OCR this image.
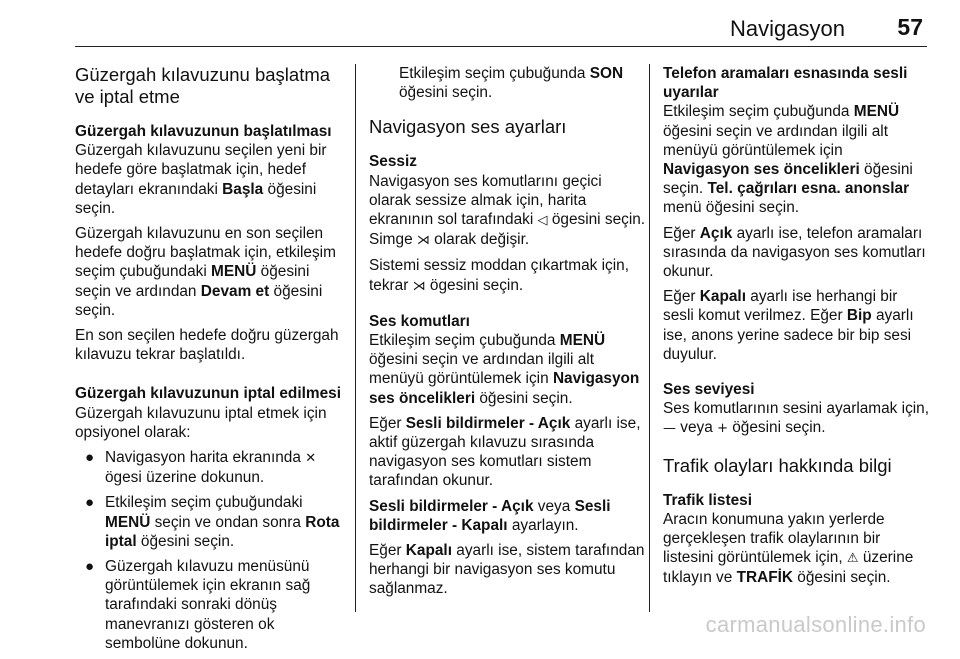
Navigasyon 57
Güzergah kılavuzunu başlatma ve iptal etme
Güzergah kılavuzunun başlatılması

Güzergah kılavuzunu seçilen yeni bir hedefe göre başlatmak için, hedef detayları ekranındaki Başla öğesini seçin.

Güzergah kılavuzunu en son seçilen hedefe doğru başlatmak için, etkileşim seçim çubuğundaki MENÜ öğesini seçin ve ardından Devam et öğesini seçin.

En son seçilen hedefe doğru güzergah kılavuzu tekrar başlatıldı.

Güzergah kılavuzunun iptal edilmesi

Güzergah kılavuzunu iptal etmek için opsiyonel olarak:

● Navigasyon harita ekranında ✕ ögesi üzerine dokunun.
● Etkileşim seçim çubuğundaki MENÜ seçin ve ondan sonra Rota iptal öğesini seçin.
● Güzergah kılavuzu menüsünü görüntülemek için ekranın sağ tarafındaki sonraki dönüş manevranızı gösteren ok sembolüne dokunun.

Etkileşim seçim çubuğunda SON öğesini seçin.

Navigasyon ses ayarları
Sessiz

Navigasyon ses komutlarını geçici olarak sessize almak için, harita ekranının sol tarafındaki ◁ ögesini seçin. Simge ⋊ olarak değişir.

Sistemi sessiz moddan çıkartmak için, tekrar ⋊ ögesini seçin.

Ses komutları

Etkileşim seçim çubuğunda MENÜ öğesini seçin ve ardından ilgili alt menüyü görüntülemek için Navigasyon ses öncelikleri öğesini seçin.

Eğer Sesli bildirmeler - Açık ayarlı ise, aktif güzergah kılavuzu sırasında navigasyon ses komutları sistem tarafından okunur.

Sesli bildirmeler - Açık veya Sesli bildirmeler - Kapalı ayarlayın.

Eğer Kapalı ayarlı ise, sistem tarafından herhangi bir navigasyon ses komutu sağlanmaz.

Telefon aramaları esnasında sesli uyarılar

Etkileşim seçim çubuğunda MENÜ öğesini seçin ve ardından ilgili alt menüyü görüntülemek için Navigasyon ses öncelikleri öğesini seçin. Tel. çağrıları esna. anonslar menü öğesini seçin.

Eğer Açık ayarlı ise, telefon aramaları sırasında da navigasyon ses komutları okunur.

Eğer Kapalı ayarlı ise herhangi bir sesli komut verilmez. Eğer Bip ayarlı ise, anons yerine sadece bir bip sesi duyulur.

Ses seviyesi

Ses komutlarının sesini ayarlamak için, — veya + öğesini seçin.

Trafik olayları hakkında bilgi
Trafik listesi

Aracın konumuna yakın yerlerde gerçekleşen trafik olaylarının bir listesini görüntülemek için, ⚠ üzerine tıklayın ve TRAFİK öğesini seçin.

carmanualsonline.info
